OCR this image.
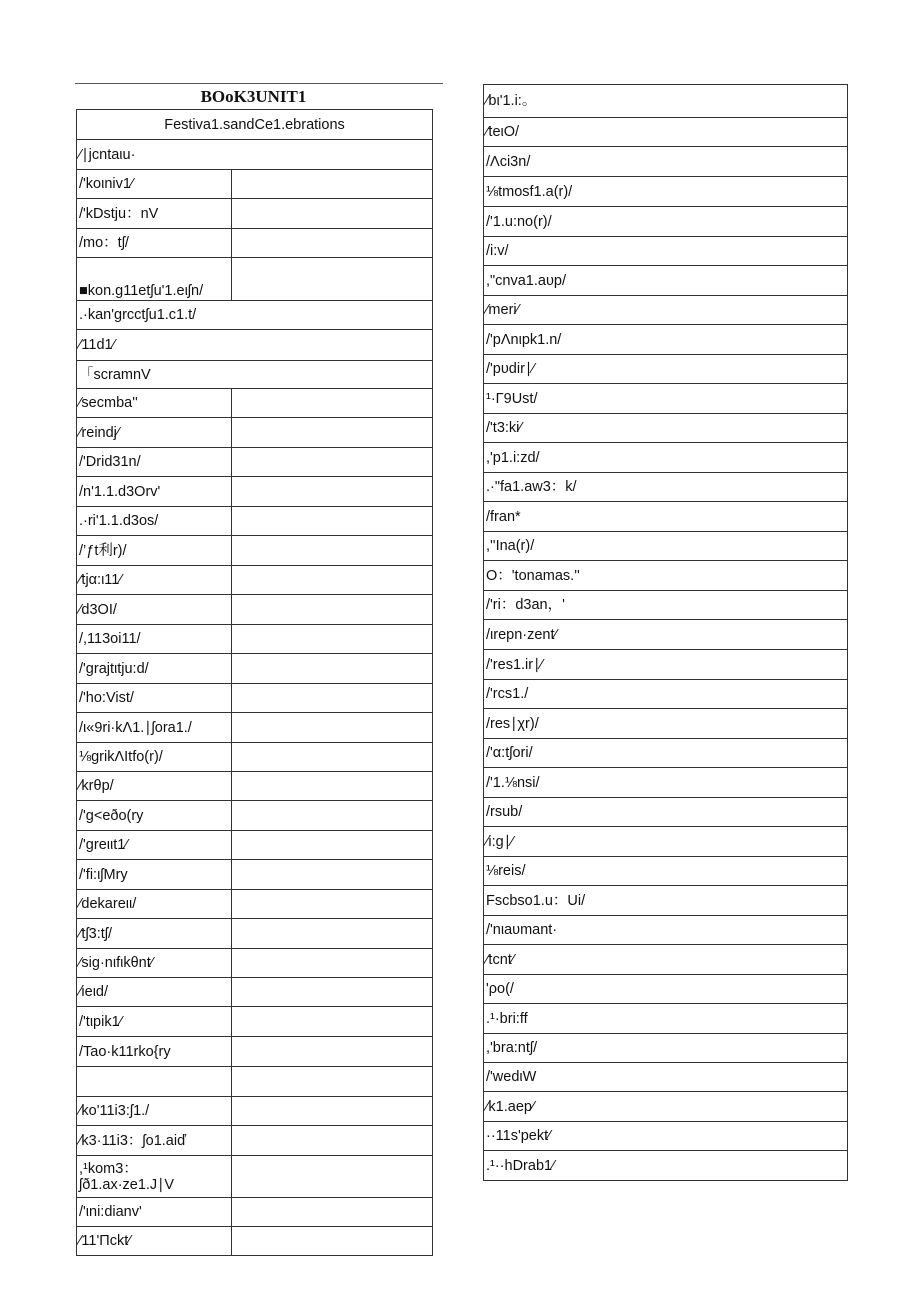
BOoK3UNIT1
Festiva1.sandCe1.ebrations	
⁄∣jcntaιu·	
/'koιniv1⁄	
/'kDstju：nV	
/mo：tʃ/	
■kon.g11etʃu'1.eιʃn/	
.·kan'grcctʃu1.c1.t/	
⁄11d1⁄	
「scramnV	
⁄secmba''	
⁄reindj⁄	
/'Drid31n/	
/n'1.1.d3Orv'	
.·ri'1.1.d3os/	
/’ƒt利r)/	
⁄tjα:ι11⁄	
⁄d3OI/	
/,113oi11/	
/'grajtιtju:d/	
/'ho:Vist/	
/ι«9ri·kΛ1.∣ʃora1./	
⅛grikΛItfo(r)/	
⁄krθp/	
/'g<eðo(ry	
/'greιιt1⁄	
/'fi:ιʃMry	
⁄dekareιι/	
⁄tʃ3:tʃ/	
⁄sig·nιfιkθnt⁄	
⁄ieιd/	
/'tιpik1⁄	
/Tao·k11rko{ry	

⁄ko'11i3:ʃ1./	
⁄k3·11i3：ʃo1.aiď	
,¹kom3：
ʃð1.ax·ze1.J∣V	
/'ιni:dianv'	
⁄11'Πckt⁄	
⁄bι'1.i:。
⁄teιO/
/Λci3n/
⅛tmosf1.a(r)/
/'1.u:no(r)/
/i:v/
,"cnva1.aυp/
⁄meri⁄
/'pΛnιpk1.n/
/'pυdir∣⁄
¹·Γ9Ust/
/'t3:ki⁄
,'p1.i:zd/
.·"fa1.aw3：k/
/fran*
,''Ina(r)/
O：'tonamas.''
/'ri：d3an，'
/ιrepn·zent⁄
/'res1.ir∣⁄
/'rcs1./
/res∣χr)/
/'α:tʃori/
/'1.⅛nsi/
/rsub/
⁄i:g∣⁄
⅛reis/
Fscbso1.u：Ui/
/'nιaυmant·
⁄tcnt⁄
'ρo(/
.¹·bri:ff
,'bra:ntʃ/
/'wedιW
⁄k1.aep⁄
··11s'pekt⁄
.¹··hDrab1⁄
